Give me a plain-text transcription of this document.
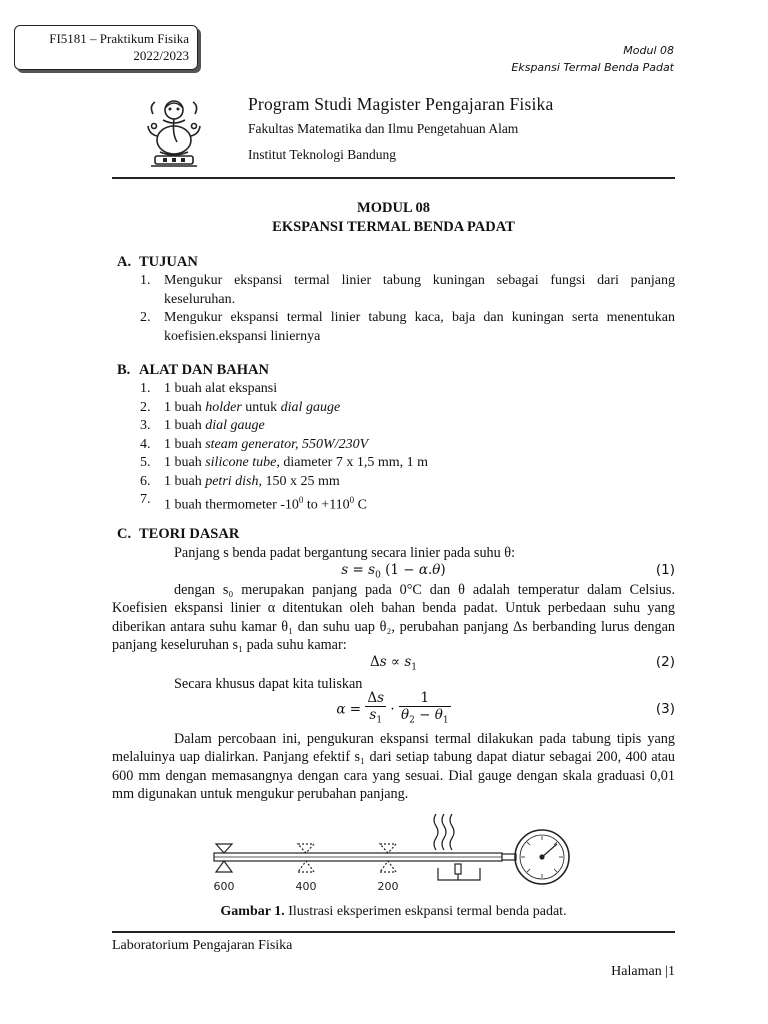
FI5181 – Praktikum Fisika
2022/2023	Modul 08
Ekspansi Termal Benda Padat
Program Studi Magister Pengajaran Fisika
Fakultas Matematika dan Ilmu Pengetahuan Alam
Institut Teknologi Bandung
MODUL 08
EKSPANSI TERMAL BENDA PADAT
A. TUJUAN
1. Mengukur ekspansi termal linier tabung kuningan sebagai fungsi dari panjang keseluruhan.
2. Mengukur ekspansi termal linier tabung kaca, baja dan kuningan serta menentukan koefisien.ekspansi liniernya
B. ALAT DAN BAHAN
1. 1 buah alat ekspansi
2. 1 buah holder untuk dial gauge
3. 1 buah dial gauge
4. 1 buah steam generator, 550W/230V
5. 1 buah silicone tube, diameter 7 x 1,5 mm, 1 m
6. 1 buah petri dish, 150 x 25 mm
7. 1 buah thermometer $-10^0$ to $+110^0$ C
C. TEORI DASAR
Panjang s benda padat bergantung secara linier pada suhu θ:
$s = s_0$ (1 − α.θ)	(1)
dengan s₀ merupakan panjang pada 0°C dan θ adalah temperatur dalam Celsius. Koefisien ekspansi linier α ditentukan oleh bahan benda padat. Untuk perbedaan suhu yang diberikan antara suhu kamar θ₁ dan suhu uap θ₂, perubahan panjang Δs berbanding lurus dengan panjang keseluruhan s₁ pada suhu kamar:
$\Delta s \propto s_1$	(2)
Secara khusus dapat kita tuliskan
$\alpha = \frac{\Delta s}{s_1} \cdot \frac{1}{\theta_2 - \theta_1}$	(3)
Dalam percobaan ini, pengukuran ekspansi termal dilakukan pada tabung tipis yang melaluinya uap dialirkan. Panjang efektif s₁ dari setiap tabung dapat diatur sebagai 200, 400 atau 600 mm dengan memasangnya dengan cara yang sesuai. Dial gauge dengan skala graduasi 0,01 mm digunakan untuk mengukur perubahan panjang.
600	400	200
Gambar 1. Ilustrasi eksperimen eskpansi termal benda padat.
Laboratorium Pengajaran Fisika
Halaman |1
